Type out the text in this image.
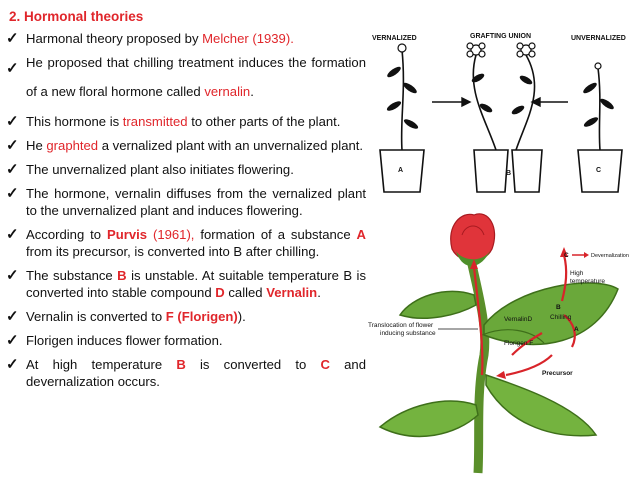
2. Hormonal theories
✓ Harmonal theory proposed by Melcher (1939).
✓ He proposed that chilling treatment induces the formation of a new floral hormone called vernalin.
✓ This hormone is transmitted to other parts of the plant.
✓ He graphted a vernalized plant with an unvernalized plant.
✓ The unvernalized plant also initiates flowering.
✓ The hormone, vernalin diffuses from the vernalized plant to the unvernalized plant and induces flowering.
✓ According to Purvis (1961), formation of a substance A from its precursor, is converted into B after chilling.
✓ The substance B is unstable. At suitable temperature B is converted into stable compound D called Vernalin.
✓ Vernalin is converted to F (Florigen)).
✓ Florigen induces flower formation.
✓ At high temperature B is converted to C and devernalization occurs.
VERNALIZED	GRAFTING UNION	UNVERNALIZED
A	B	C
C	Devernalization
High
temperature
B
Chilling
A
VernalinD
Florigen F
Translocation of flower
inducing substance
Precursor
